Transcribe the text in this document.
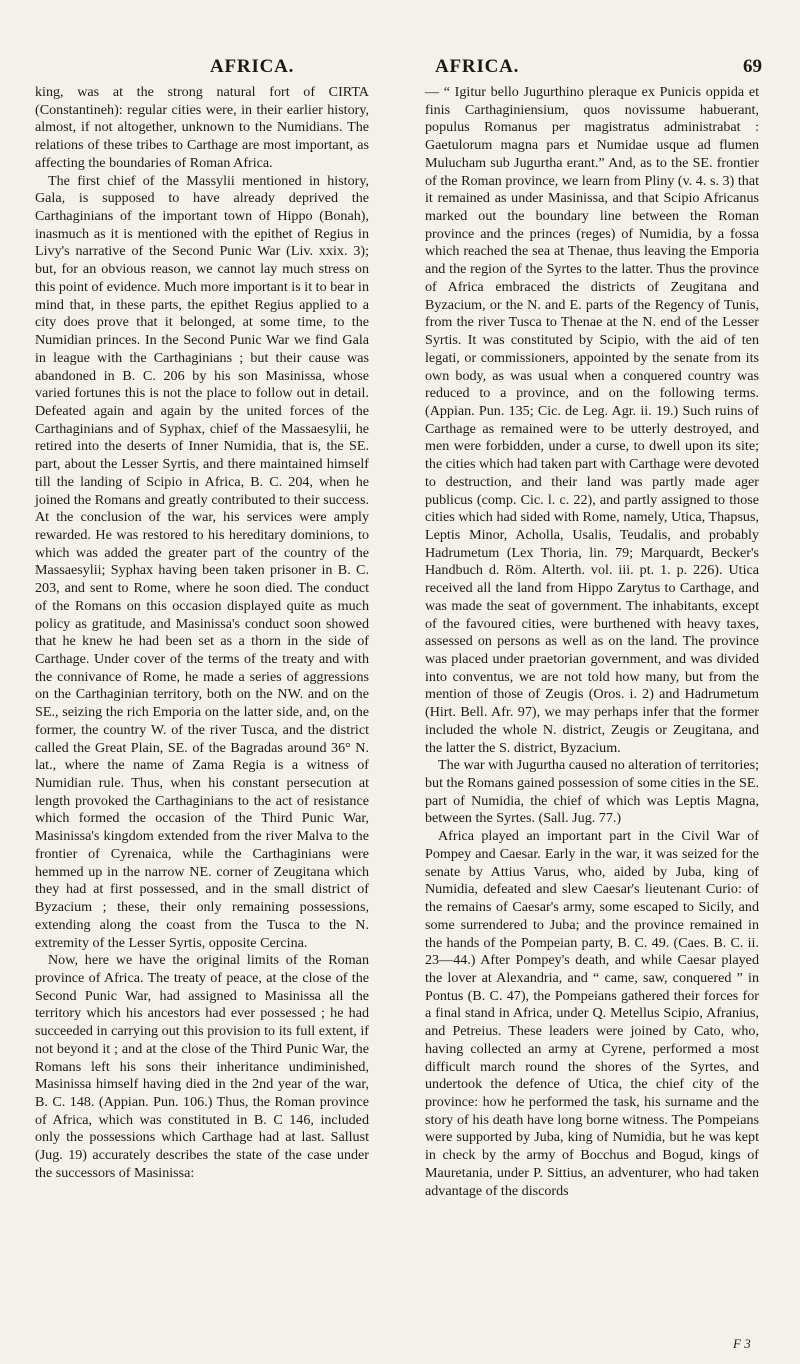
AFRICA.	AFRICA.	69

king, was at the strong natural fort of CIRTA (Constantineh): regular cities were, in their earlier history, almost, if not altogether, unknown to the Numidians. The relations of these tribes to Carthage are most important, as affecting the boundaries of Roman Africa.

The first chief of the Massylii mentioned in history, Gala, is supposed to have already deprived the Carthaginians of the important town of Hippo (Bonah), inasmuch as it is mentioned with the epithet of Regius in Livy's narrative of the Second Punic War (Liv. xxix. 3); but, for an obvious reason, we cannot lay much stress on this point of evidence. Much more important is it to bear in mind that, in these parts, the epithet Regius applied to a city does prove that it belonged, at some time, to the Numidian princes. In the Second Punic War we find Gala in league with the Carthaginians ; but their cause was abandoned in B. C. 206 by his son Masinissa, whose varied fortunes this is not the place to follow out in detail. Defeated again and again by the united forces of the Carthaginians and of Syphax, chief of the Massaesylii, he retired into the deserts of Inner Numidia, that is, the SE. part, about the Lesser Syrtis, and there maintained himself till the landing of Scipio in Africa, B. C. 204, when he joined the Romans and greatly contributed to their success. At the conclusion of the war, his services were amply rewarded. He was restored to his hereditary dominions, to which was added the greater part of the country of the Massaesylii; Syphax having been taken prisoner in B. C. 203, and sent to Rome, where he soon died. The conduct of the Romans on this occasion displayed quite as much policy as gratitude, and Masinissa's conduct soon showed that he knew he had been set as a thorn in the side of Carthage. Under cover of the terms of the treaty and with the connivance of Rome, he made a series of aggressions on the Carthaginian territory, both on the NW. and on the SE., seizing the rich Emporia on the latter side, and, on the former, the country W. of the river Tusca, and the district called the Great Plain, SE. of the Bagradas around 36° N. lat., where the name of Zama Regia is a witness of Numidian rule. Thus, when his constant persecution at length provoked the Carthaginians to the act of resistance which formed the occasion of the Third Punic War, Masinissa's kingdom extended from the river Malva to the frontier of Cyrenaica, while the Carthaginians were hemmed up in the narrow NE. corner of Zeugitana which they had at first possessed, and in the small district of Byzacium ; these, their only remaining possessions, extending along the coast from the Tusca to the N. extremity of the Lesser Syrtis, opposite Cercina.

Now, here we have the original limits of the Roman province of Africa. The treaty of peace, at the close of the Second Punic War, had assigned to Masinissa all the territory which his ancestors had ever possessed ; he had succeeded in carrying out this provision to its full extent, if not beyond it ; and at the close of the Third Punic War, the Romans left his sons their inheritance undiminished, Masinissa himself having died in the 2nd year of the war, B. C. 148. (Appian. Pun. 106.) Thus, the Roman province of Africa, which was constituted in B. C 146, included only the possessions which Carthage had at last. Sallust (Jug. 19) accurately describes the state of the case under the successors of Masinissa:

— “ Igitur bello Jugurthino pleraque ex Punicis oppida et finis Carthaginiensium, quos novissume habuerant, populus Romanus per magistratus administrabat : Gaetulorum magna pars et Numidae usque ad flumen Mulucham sub Jugurtha erant.” And, as to the SE. frontier of the Roman province, we learn from Pliny (v. 4. s. 3) that it remained as under Masinissa, and that Scipio Africanus marked out the boundary line between the Roman province and the princes (reges) of Numidia, by a fossa which reached the sea at Thenae, thus leaving the Emporia and the region of the Syrtes to the latter. Thus the province of Africa embraced the districts of Zeugitana and Byzacium, or the N. and E. parts of the Regency of Tunis, from the river Tusca to Thenae at the N. end of the Lesser Syrtis. It was constituted by Scipio, with the aid of ten legati, or commissioners, appointed by the senate from its own body, as was usual when a conquered country was reduced to a province, and on the following terms. (Appian. Pun. 135; Cic. de Leg. Agr. ii. 19.) Such ruins of Carthage as remained were to be utterly destroyed, and men were forbidden, under a curse, to dwell upon its site; the cities which had taken part with Carthage were devoted to destruction, and their land was partly made ager publicus (comp. Cic. l. c. 22), and partly assigned to those cities which had sided with Rome, namely, Utica, Thapsus, Leptis Minor, Acholla, Usalis, Teudalis, and probably Hadrumetum (Lex Thoria, lin. 79; Marquardt, Becker's Handbuch d. Röm. Alterth. vol. iii. pt. 1. p. 226). Utica received all the land from Hippo Zarytus to Carthage, and was made the seat of government. The inhabitants, except of the favoured cities, were burthened with heavy taxes, assessed on persons as well as on the land. The province was placed under praetorian government, and was divided into conventus, we are not told how many, but from the mention of those of Zeugis (Oros. i. 2) and Hadrumetum (Hirt. Bell. Afr. 97), we may perhaps infer that the former included the whole N. district, Zeugis or Zeugitana, and the latter the S. district, Byzacium.

The war with Jugurtha caused no alteration of territories; but the Romans gained possession of some cities in the SE. part of Numidia, the chief of which was Leptis Magna, between the Syrtes. (Sall. Jug. 77.)

Africa played an important part in the Civil War of Pompey and Caesar. Early in the war, it was seized for the senate by Attius Varus, who, aided by Juba, king of Numidia, defeated and slew Caesar's lieutenant Curio: of the remains of Caesar's army, some escaped to Sicily, and some surrendered to Juba; and the province remained in the hands of the Pompeian party, B. C. 49. (Caes. B. C. ii. 23—44.) After Pompey's death, and while Caesar played the lover at Alexandria, and “ came, saw, conquered ” in Pontus (B. C. 47), the Pompeians gathered their forces for a final stand in Africa, under Q. Metellus Scipio, Afranius, and Petreius. These leaders were joined by Cato, who, having collected an army at Cyrene, performed a most difficult march round the shores of the Syrtes, and undertook the defence of Utica, the chief city of the province: how he performed the task, his surname and the story of his death have long borne witness. The Pompeians were supported by Juba, king of Numidia, but he was kept in check by the army of Bocchus and Bogud, kings of Mauretania, under P. Sittius, an adventurer, who had taken advantage of the discords

F 3
